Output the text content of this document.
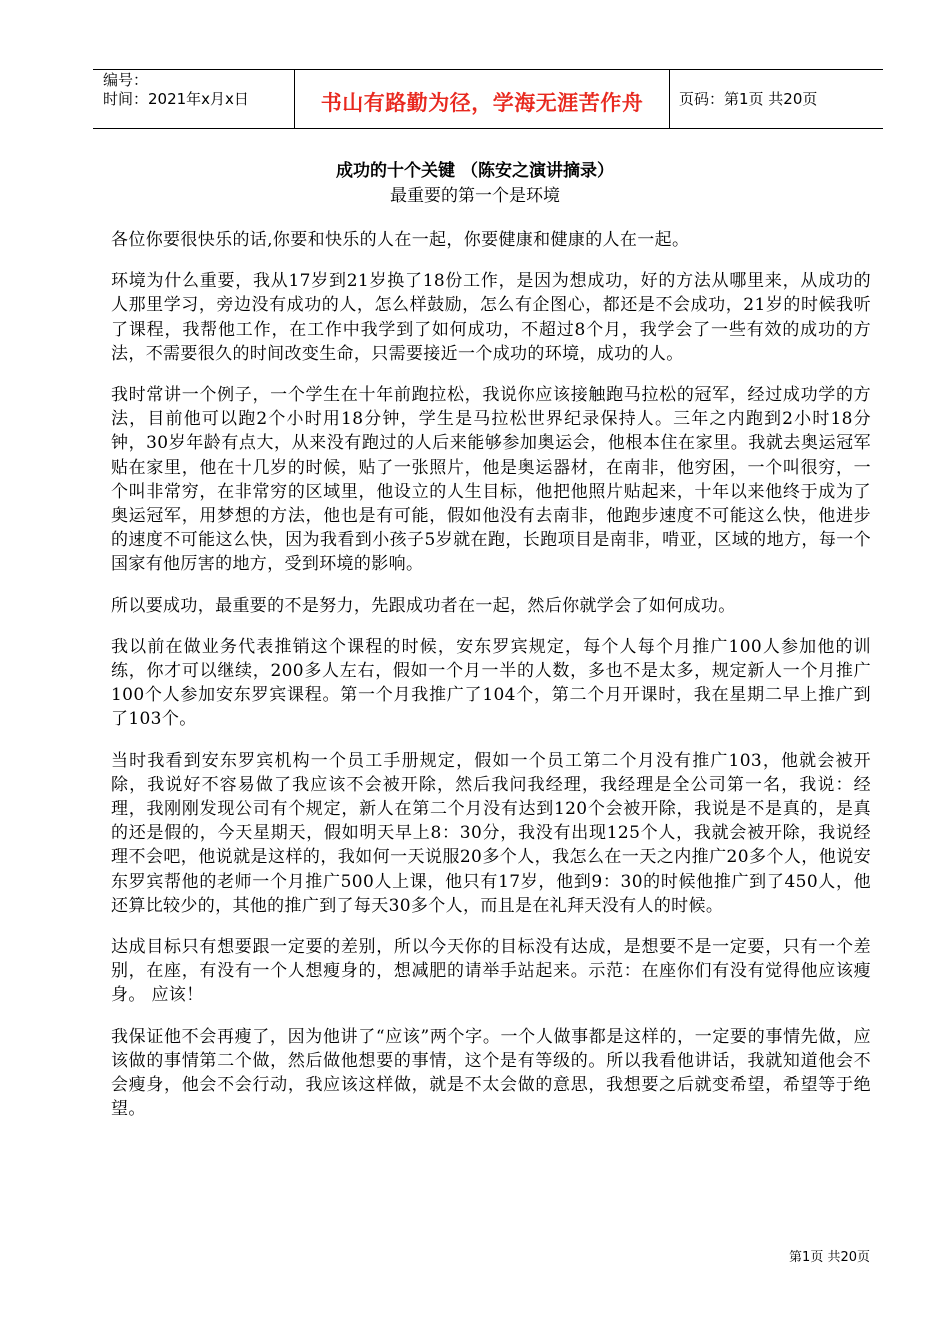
编号：
时间：2021年x月x日	书山有路勤为径，学海无涯苦作舟	页码：第1页 共20页
成功的十个关键 （陈安之演讲摘录）
最重要的第一个是环境

各位你要很快乐的话,你要和快乐的人在一起，你要健康和健康的人在一起。

环境为什么重要，我从17岁到21岁换了18份工作，是因为想成功，好的方法从哪里来，从成功的人那里学习，旁边没有成功的人，怎么样鼓励，怎么有企图心，都还是不会成功，21岁的时候我听了课程，我帮他工作，在工作中我学到了如何成功，不超过8个月，我学会了一些有效的成功的方法，不需要很久的时间改变生命，只需要接近一个成功的环境，成功的人。

我时常讲一个例子，一个学生在十年前跑拉松，我说你应该接触跑马拉松的冠军，经过成功学的方法，目前他可以跑2个小时用18分钟，学生是马拉松世界纪录保持人。三年之内跑到2小时18分钟，30岁年龄有点大，从来没有跑过的人后来能够参加奥运会，他根本住在家里。我就去奥运冠军贴在家里，他在十几岁的时候，贴了一张照片，他是奥运器材，在南非，他穷困，一个叫很穷，一个叫非常穷，在非常穷的区域里，他设立的人生目标，他把他照片贴起来，十年以来他终于成为了奥运冠军，用梦想的方法，他也是有可能，假如他没有去南非，他跑步速度不可能这么快，他进步的速度不可能这么快，因为我看到小孩子5岁就在跑，长跑项目是南非，啃亚，区域的地方，每一个国家有他厉害的地方，受到环境的影响。

所以要成功，最重要的不是努力，先跟成功者在一起，然后你就学会了如何成功。

我以前在做业务代表推销这个课程的时候，安东罗宾规定，每个人每个月推广100人参加他的训练，你才可以继续，200多人左右，假如一个月一半的人数，多也不是太多，规定新人一个月推广100个人参加安东罗宾课程。第一个月我推广了104个，第二个月开课时，我在星期二早上推广到了103个。

当时我看到安东罗宾机构一个员工手册规定，假如一个员工第二个月没有推广103，他就会被开除，我说好不容易做了我应该不会被开除，然后我问我经理，我经理是全公司第一名，我说：经理，我刚刚发现公司有个规定，新人在第二个月没有达到120个会被开除，我说是不是真的，是真的还是假的，今天星期天，假如明天早上8：30分，我没有出现125个人，我就会被开除，我说经理不会吧，他说就是这样的，我如何一天说服20多个人，我怎么在一天之内推广20多个人，他说安东罗宾帮他的老师一个月推广500人上课，他只有17岁，他到9：30的时候他推广到了450人，他还算比较少的，其他的推广到了每天30多个人，而且是在礼拜天没有人的时候。

达成目标只有想要跟一定要的差别，所以今天你的目标没有达成，是想要不是一定要，只有一个差别，在座，有没有一个人想瘦身的，想减肥的请举手站起来。示范：在座你们有没有觉得他应该瘦身。 应该！

我保证他不会再瘦了，因为他讲了“应该”两个字。一个人做事都是这样的，一定要的事情先做，应该做的事情第二个做，然后做他想要的事情，这个是有等级的。所以我看他讲话，我就知道他会不会瘦身，他会不会行动，我应该这样做，就是不太会做的意思，我想要之后就变希望，希望等于绝望。

第1页 共20页
